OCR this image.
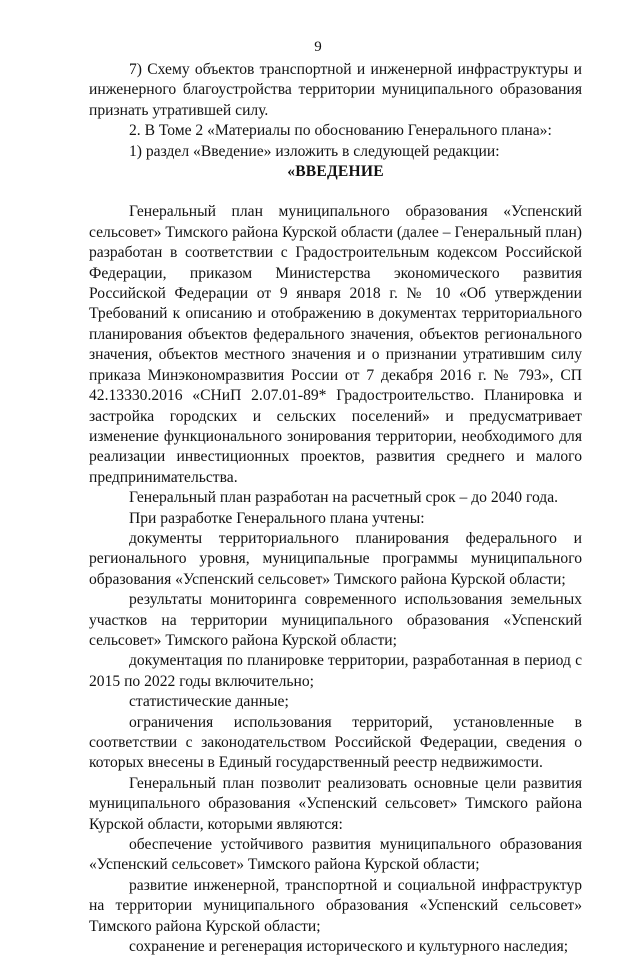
9

7) Схему объектов транспортной и инженерной инфраструктуры и инженерного благоустройства территории муниципального образования признать утратившей силу.

2. В Томе 2 «Материалы по обоснованию Генерального плана»:

1) раздел «Введение» изложить в следующей редакции:

«ВВЕДЕНИЕ

Генеральный план муниципального образования «Успенский сельсовет» Тимского района Курской области (далее – Генеральный план) разработан в соответствии с Градостроительным кодексом Российской Федерации, приказом Министерства экономического развития Российской Федерации от 9 января 2018 г. № 10 «Об утверждении Требований к описанию и отображению в документах территориального планирования объектов федерального значения, объектов регионального значения, объектов местного значения и о признании утратившим силу приказа Минэкономразвития России от 7 декабря 2016 г. № 793», СП 42.13330.2016 «СНиП 2.07.01-89* Градостроительство. Планировка и застройка городских и сельских поселений» и предусматривает изменение функционального зонирования территории, необходимого для реализации инвестиционных проектов, развития среднего и малого предпринимательства.

Генеральный план разработан на расчетный срок – до 2040 года.

При разработке Генерального плана учтены:

документы территориального планирования федерального и регионального уровня, муниципальные программы муниципального образования «Успенский сельсовет» Тимского района Курской области;

результаты мониторинга современного использования земельных участков на территории муниципального образования «Успенский сельсовет» Тимского района Курской области;

документация по планировке территории, разработанная в период с 2015 по 2022 годы включительно;

статистические данные;

ограничения использования территорий, установленные в соответствии с законодательством Российской Федерации, сведения о которых внесены в Единый государственный реестр недвижимости.

Генеральный план позволит реализовать основные цели развития муниципального образования «Успенский сельсовет» Тимского района Курской области, которыми являются:

обеспечение устойчивого развития муниципального образования «Успенский сельсовет» Тимского района Курской области;

развитие инженерной, транспортной и социальной инфраструктур на территории муниципального образования «Успенский сельсовет» Тимского района Курской области;

сохранение и регенерация исторического и культурного наследия;
